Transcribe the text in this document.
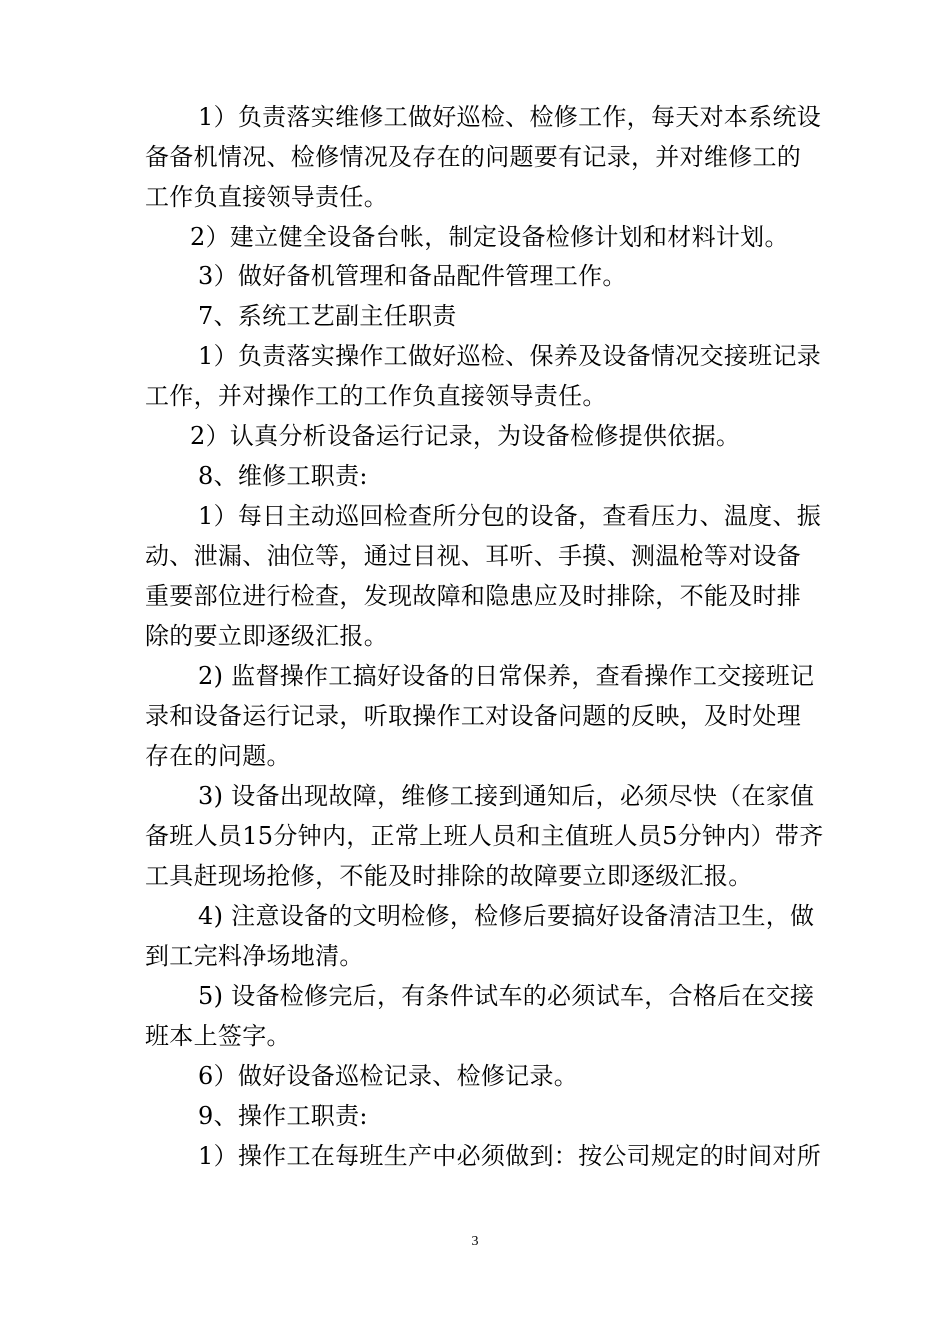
1）负责落实维修工做好巡检、检修工作，每天对本系统设
备备机情况、检修情况及存在的问题要有记录，并对维修工的
工作负直接领导责任。
2）建立健全设备台帐，制定设备检修计划和材料计划。
3）做好备机管理和备品配件管理工作。
7、系统工艺副主任职责
1）负责落实操作工做好巡检、保养及设备情况交接班记录
工作，并对操作工的工作负直接领导责任。
2）认真分析设备运行记录，为设备检修提供依据。
8、维修工职责:
1）每日主动巡回检查所分包的设备，查看压力、温度、振
动、泄漏、油位等，通过目视、耳听、手摸、测温枪等对设备
重要部位进行检查，发现故障和隐患应及时排除，不能及时排
除的要立即逐级汇报。
2) 监督操作工搞好设备的日常保养，查看操作工交接班记
录和设备运行记录，听取操作工对设备问题的反映，及时处理
存在的问题。
3) 设备出现故障，维修工接到通知后，必须尽快（在家值
备班人员15分钟内，正常上班人员和主值班人员5分钟内）带齐
工具赶现场抢修，不能及时排除的故障要立即逐级汇报。
4) 注意设备的文明检修，检修后要搞好设备清洁卫生，做
到工完料净场地清。
5) 设备检修完后，有条件试车的必须试车，合格后在交接
班本上签字。
6）做好设备巡检记录、检修记录。
9、操作工职责:
1）操作工在每班生产中必须做到：按公司规定的时间对所
3
